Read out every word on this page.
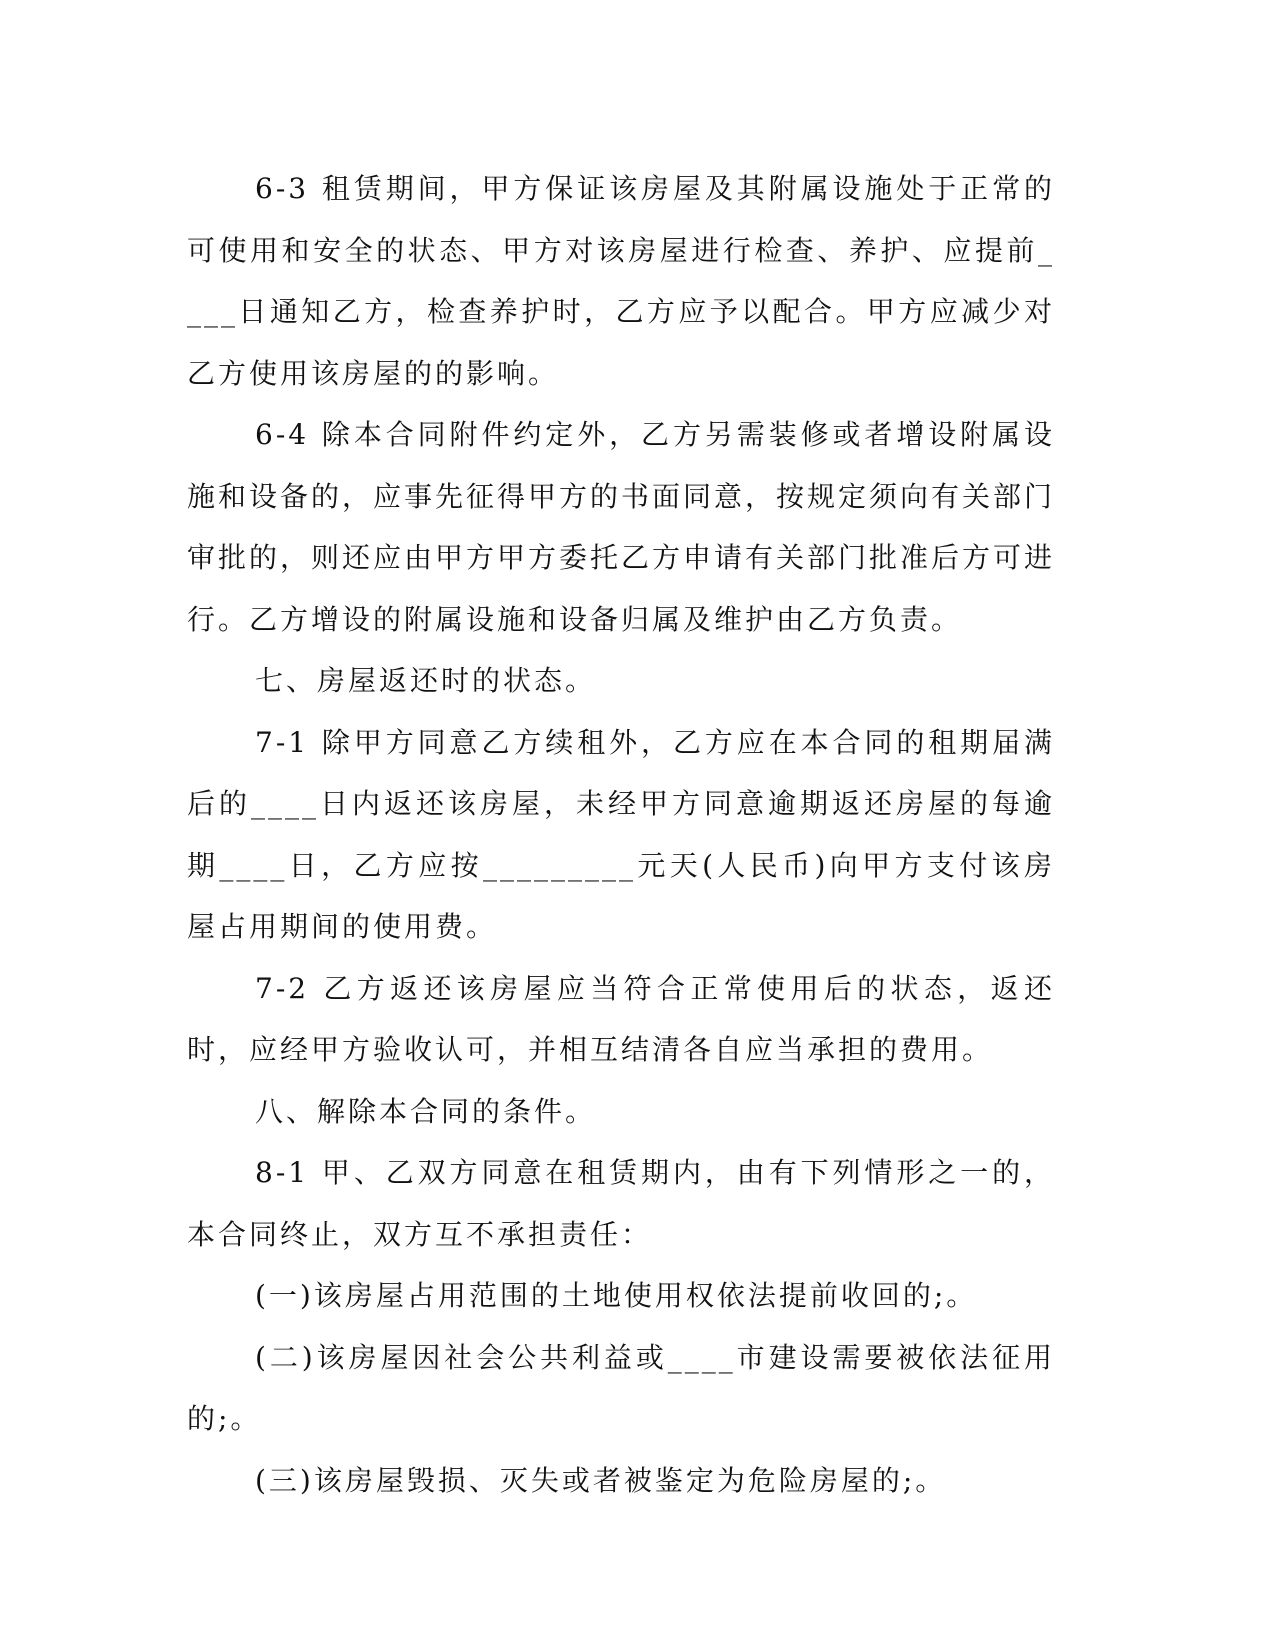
6-3 租赁期间，甲方保证该房屋及其附属设施处于正常的可使用和安全的状态、甲方对该房屋进行检查、养护、应提前____日通知乙方，检查养护时，乙方应予以配合。甲方应减少对乙方使用该房屋的的影响。

6-4 除本合同附件约定外，乙方另需装修或者增设附属设施和设备的，应事先征得甲方的书面同意，按规定须向有关部门审批的，则还应由甲方甲方委托乙方申请有关部门批准后方可进行。乙方增设的附属设施和设备归属及维护由乙方负责。

七、房屋返还时的状态。

7-1 除甲方同意乙方续租外，乙方应在本合同的租期届满后的____日内返还该房屋，未经甲方同意逾期返还房屋的每逾期____日，乙方应按_________元天(人民币)向甲方支付该房屋占用期间的使用费。

7-2 乙方返还该房屋应当符合正常使用后的状态，返还时，应经甲方验收认可，并相互结清各自应当承担的费用。

八、解除本合同的条件。

8-1 甲、乙双方同意在租赁期内，由有下列情形之一的，本合同终止，双方互不承担责任：

(一)该房屋占用范围的土地使用权依法提前收回的;。

(二)该房屋因社会公共利益或____市建设需要被依法征用的;。

(三)该房屋毁损、灭失或者被鉴定为危险房屋的;。
